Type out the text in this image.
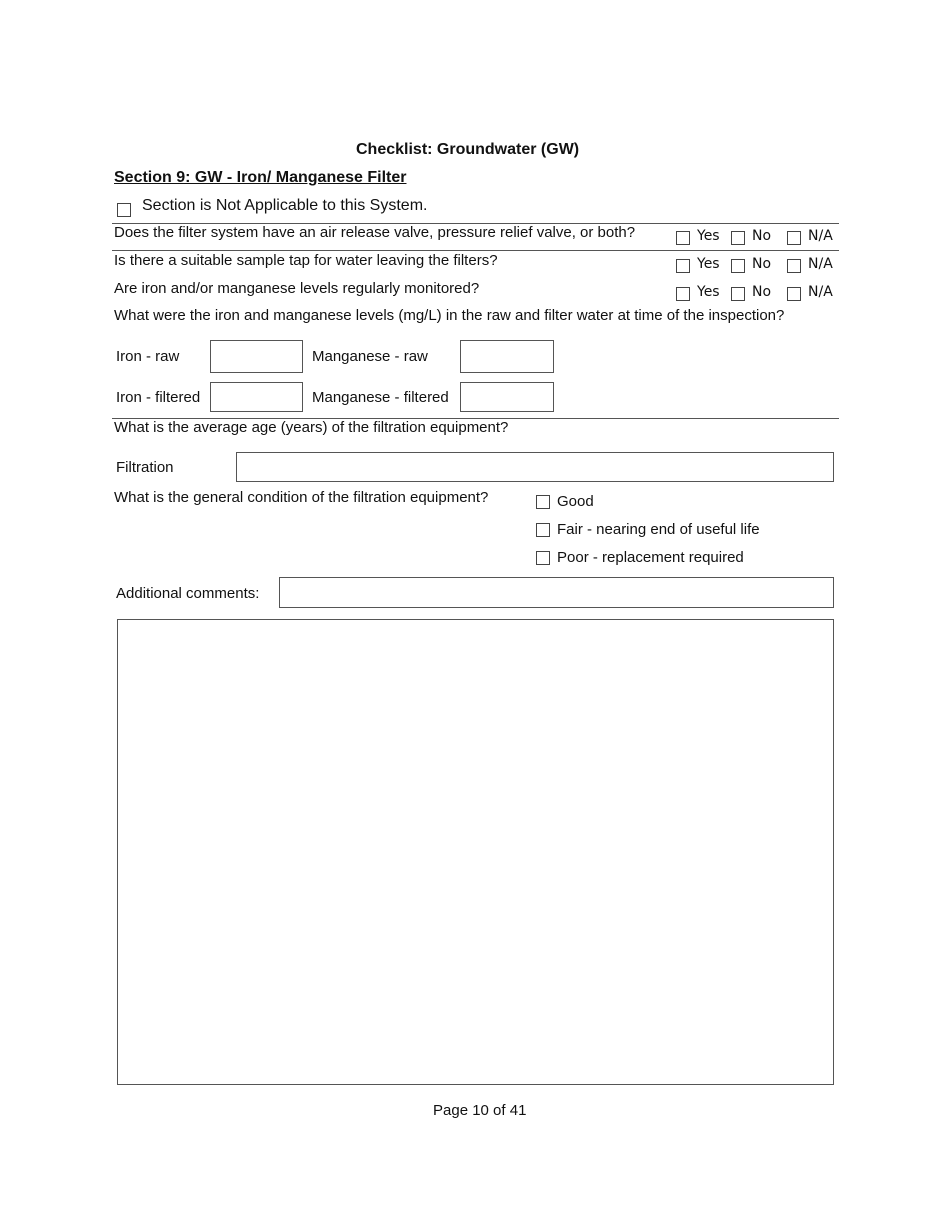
Checklist: Groundwater (GW)
Section 9: GW - Iron/ Manganese Filter
Section is Not Applicable to this System.
Does the filter system have an air release valve, pressure relief valve, or both?	Yes No	N/A
Is there a suitable sample tap for water leaving the filters?	Yes No	N/A
Are iron and/or manganese levels regularly monitored?	Yes No	N/A
What were the iron and manganese levels (mg/L) in the raw and filter water at time of the inspection?
Iron - raw	Manganese - raw
Iron - filtered	Manganese - filtered
What is the average age (years) of the filtration equipment?
Filtration
What is the general condition of the filtration equipment?	Good
Fair - nearing end of useful life
Poor - replacement required
Additional comments:
Page 10 of 41
